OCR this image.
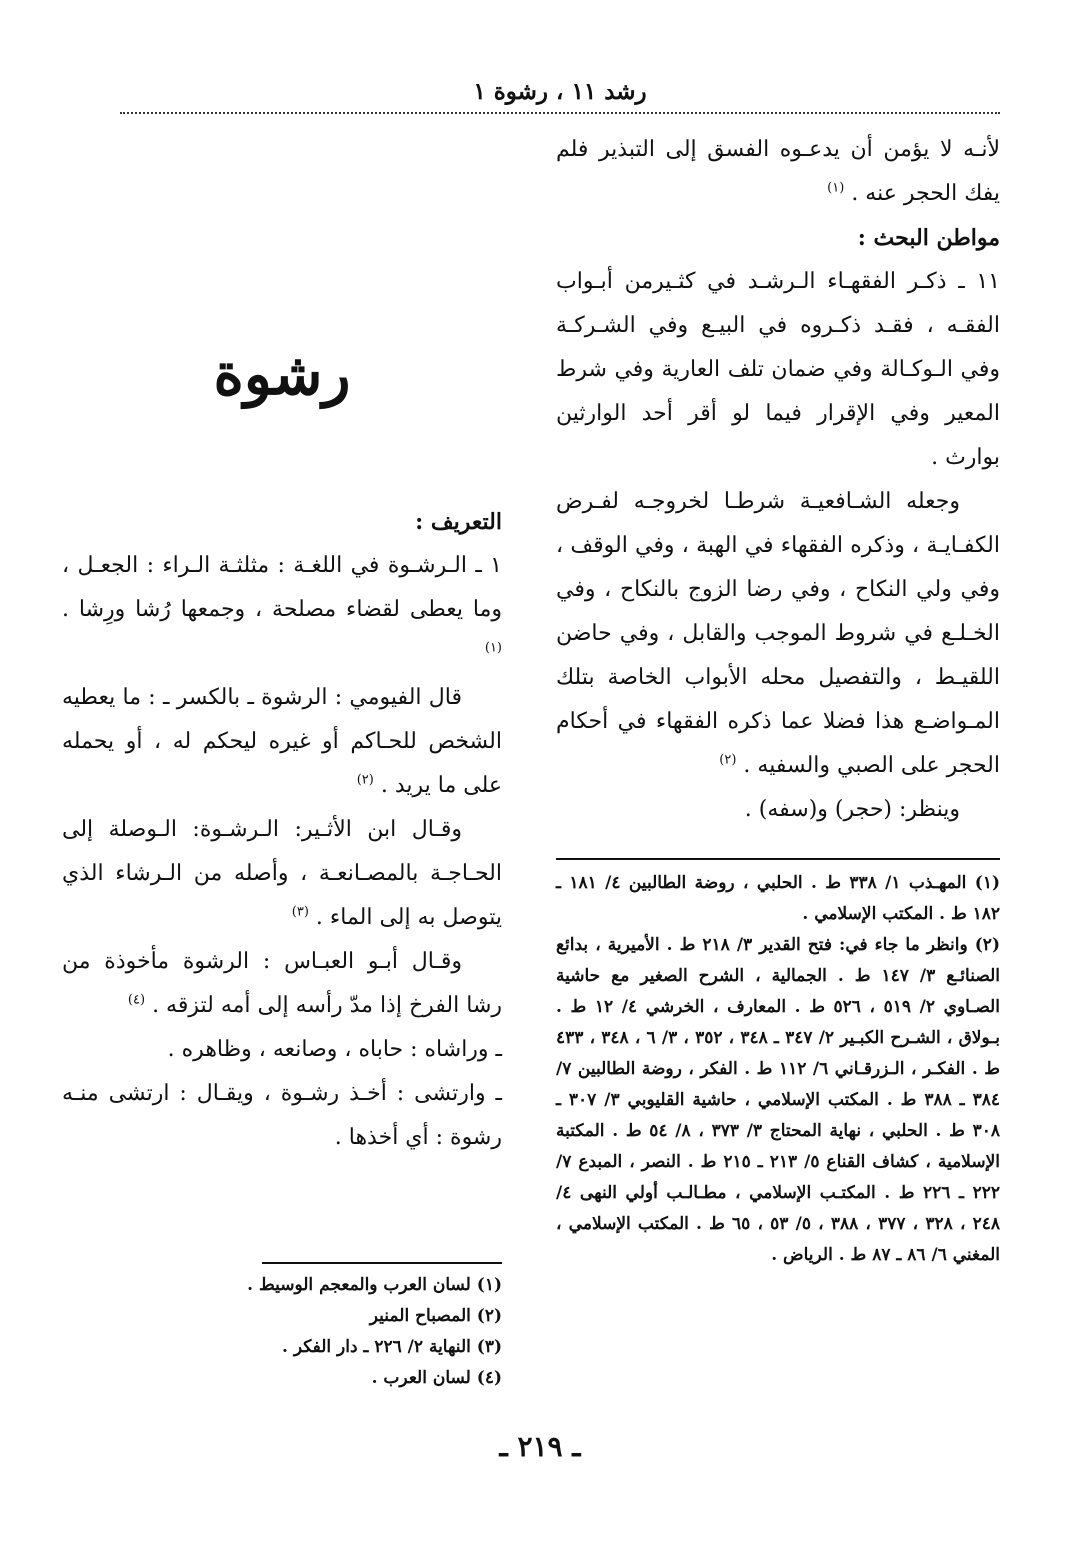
رشد ١١ ، رشوة ١

لأنـه لا يؤمن أن يدعـوه الفسق إلى التبذير فلم يفك الحجر عنه . $^{(١)}$

مواطن البحث :

١١ ـ ذكـر الفقهـاء الـرشـد في كثـيرمن أبـواب الفقـه ، فقـد ذكـروه في البيـع وفي الشـركـة وفي الـوكـالة وفي ضمان تلف العارية وفي شرط المعير وفي الإقرار فيما لو أقر أحد الوارثين بوارث .

وجعله الشـافعيـة شرطـا لخروجـه لفـرض الكفـايـة ، وذكره الفقهاء في الهبة ، وفي الوقف ، وفي ولي النكاح ، وفي رضا الزوج بالنكاح ، وفي الخـلـع في شروط الموجب والقابل ، وفي حاضن اللقيـط ، والتفصيل محله الأبواب الخاصة بتلك المـواضـع هذا فضلا عما ذكره الفقهاء في أحكام الحجر على الصبي والسفيه . $^{(٢)}$

وينظر: (حجر) و(سفه) .

(١) المهـذب ١/ ٣٣٨ ط . الحلبي ، روضة الطالبين ٤/ ١٨١ ـ ١٨٢ ط . المكتب الإسلامي .

(٢) وانظر ما جاء في: فتح القدير ٣/ ٢١٨ ط . الأميرية ، بدائع الصنائـع ٣/ ١٤٧ ط . الجمالية ، الشرح الصغير مع حاشية الصـاوي ٢/ ٥١٩ ، ٥٢٦ ط . المعارف ، الخرشي ٤/ ١٢ ط . بـولاق ، الشـرح الكبـير ٢/ ٣٤٧ ـ ٣٤٨ ، ٣٥٢ ، ٣/ ٦ ، ٣٤٨ ، ٤٣٣ ط . الفكـر ، الـزرقـاني ٦/ ١١٢ ط . الفكر ، روضة الطالبين ٧/ ٣٨٤ ـ ٣٨٨ ط . المكتب الإسلامي ، حاشية القليوبي ٣/ ٣٠٧ ـ ٣٠٨ ط . الحلبي ، نهاية المحتاج ٣/ ٣٧٣ ، ٨/ ٥٤ ط . المكتبة الإسلامية ، كشاف القناع ٥/ ٢١٣ ـ ٢١٥ ط . النصر ، المبدع ٧/ ٢٢٢ ـ ٢٢٦ ط . المكتـب الإسلامي ، مطـالـب أولي النهى ٤/ ٢٤٨ ، ٣٢٨ ، ٣٧٧ ، ٣٨٨ ، ٥/ ٥٣ ، ٦٥ ط . المكتب الإسلامي ، المغني ٦/ ٨٦ ـ ٨٧ ط . الرياض .

رشوة

التعريف :

١ ـ الـرشـوة في اللغـة : مثلثـة الـراء : الجعـل ، وما يعطى لقضاء مصلحة ، وجمعها رُشا ورِشا . $^{(١)}$

قال الفيومي : الرشوة ـ بالكسر ـ : ما يعطيه الشخص للحـاكم أو غيره ليحكم له ، أو يحمله على ما يريد . $^{(٢)}$

وقـال ابن الأثـير: الـرشـوة: الـوصلة إلى الحـاجـة بالمصـانعـة ، وأصله من الـرشاء الذي يتوصل به إلى الماء . $^{(٣)}$

وقـال أبـو العبـاس : الرشوة مأخوذة من رشا الفرخ إذا مدّ رأسه إلى أمه لتزقه . $^{(٤)}$

ـ وراشاه : حاباه ، وصانعه ، وظاهره .

ـ وارتشى : أخـذ رشـوة ، ويقـال : ارتشى منـه رشوة : أي أخذها .

(١) لسان العرب والمعجم الوسيط .

(٢) المصباح المنير

(٣) النهاية ٢/ ٢٢٦ ـ دار الفكر .

(٤) لسان العرب .

ـ ٢١٩ ـ
